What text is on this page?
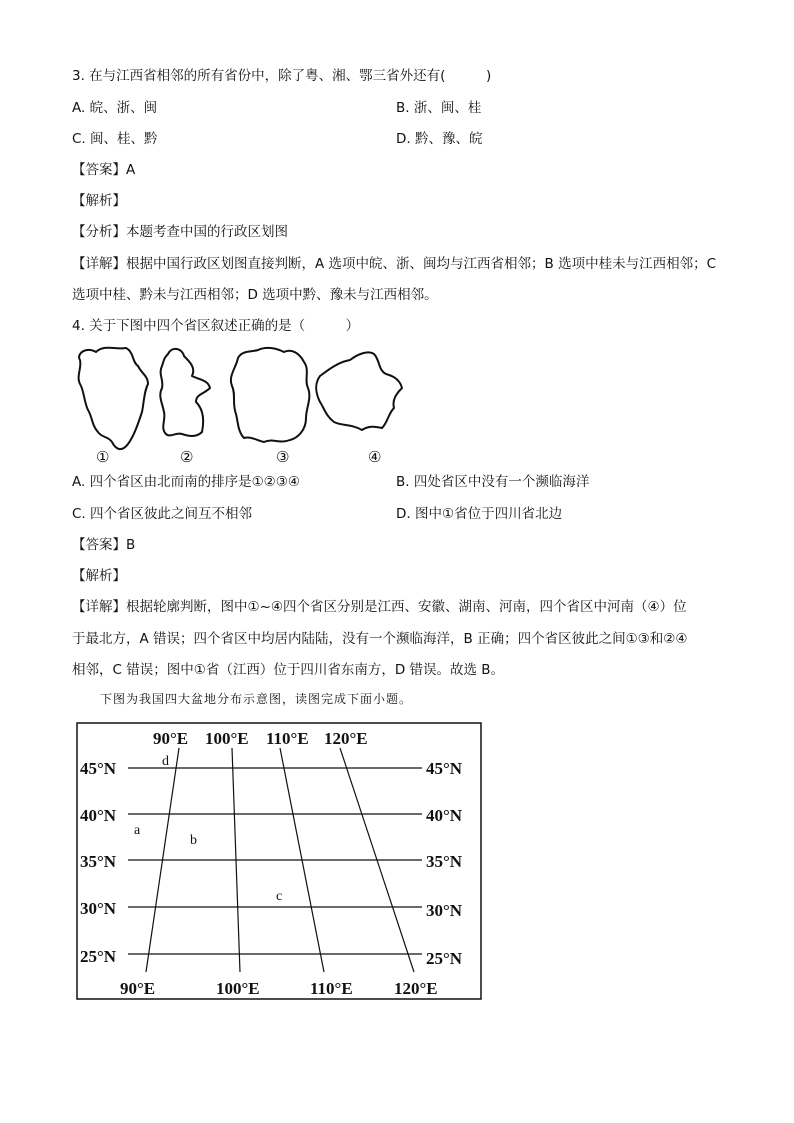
3. 在与江西省相邻的所有省份中，除了粤、湘、鄂三省外还有(　　　)
A. 皖、浙、闽	B. 浙、闽、桂
C. 闽、桂、黔	D. 黔、豫、皖
【答案】A
【解析】
【分析】本题考查中国的行政区划图
【详解】根据中国行政区划图直接判断，A 选项中皖、浙、闽均与江西省相邻；B 选项中桂未与江西相邻；C
选项中桂、黔未与江西相邻；D 选项中黔、豫未与江西相邻。
4. 关于下图中四个省区叙述正确的是（　　　）
①	②	③	④
A. 四个省区由北而南的排序是①②③④	B. 四处省区中没有一个濒临海洋
C. 四个省区彼此之间互不相邻	D. 图中①省位于四川省北边
【答案】B
【解析】
【详解】根据轮廓判断，图中①~④四个省区分别是江西、安徽、湖南、河南，四个省区中河南（④）位
于最北方，A 错误；四个省区中均居内陆陆，没有一个濒临海洋，B 正确；四个省区彼此之间①③和②④
相邻，C 错误；图中①省（江西）位于四川省东南方，D 错误。故选 B。
下图为我国四大盆地分布示意图，读图完成下面小题。
90°E 100°E 110°E 120°E
45°N
40°N
35°N
30°N
25°N
45°N
40°N
35°N
30°N
25°N
90°E	100°E	110°E 120°E
d
a
b
c
